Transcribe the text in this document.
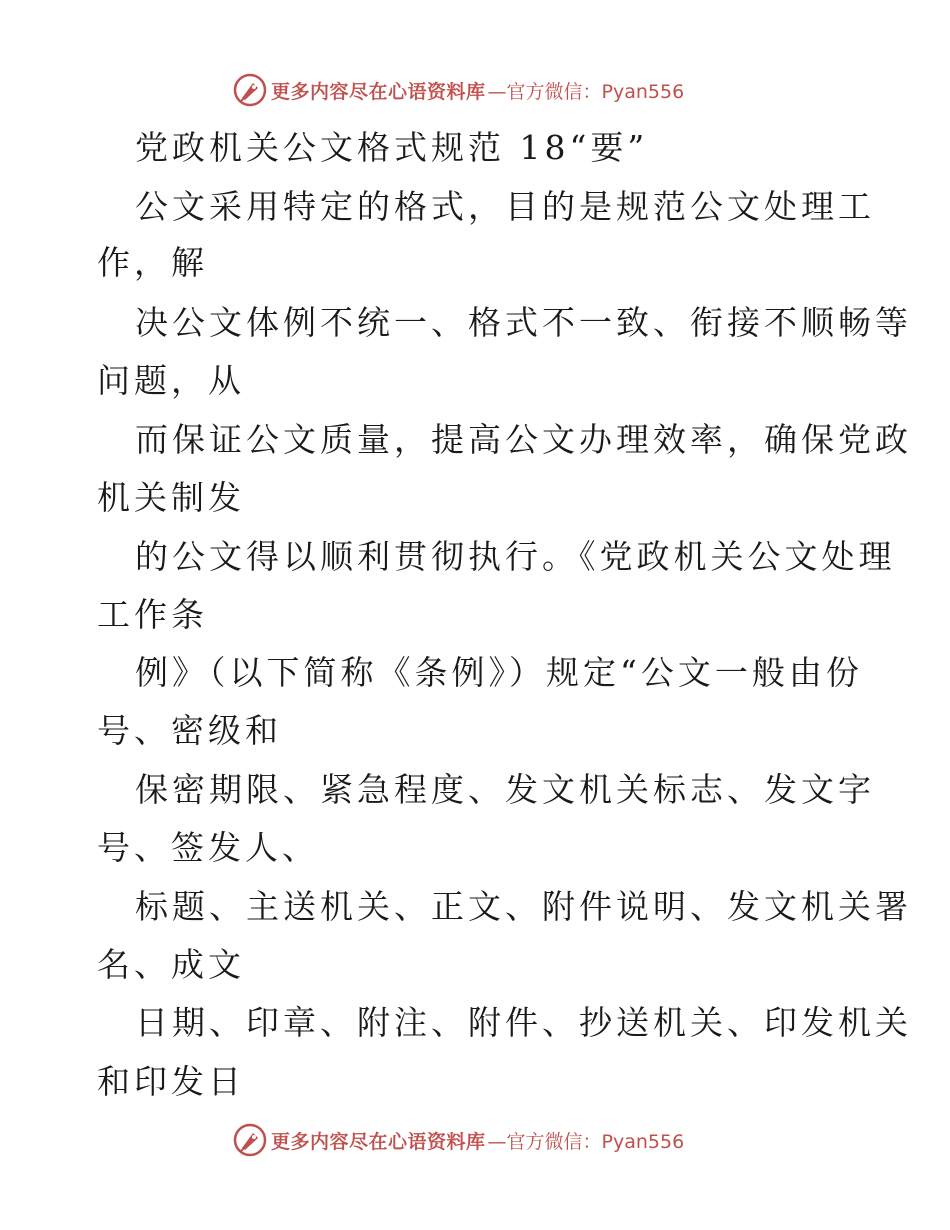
更多内容尽在心语资料库 —官方微信：Pyan556
党政机关公文格式规范 18“要”
公文采用特定的格式，目的是规范公文处理工
作，解
决公文体例不统一、格式不一致、衔接不顺畅等
问题，从
而保证公文质量，提高公文办理效率，确保党政
机关制发
的公文得以顺利贯彻执行。《党政机关公文处理
工作条
例》（以下简称《条例》）规定“公文一般由份
号、密级和
保密期限、紧急程度、发文机关标志、发文字
号、签发人、
标题、主送机关、正文、附件说明、发文机关署
名、成文
日期、印章、附注、附件、抄送机关、印发机关
和印发日
更多内容尽在心语资料库 —官方微信：Pyan556
